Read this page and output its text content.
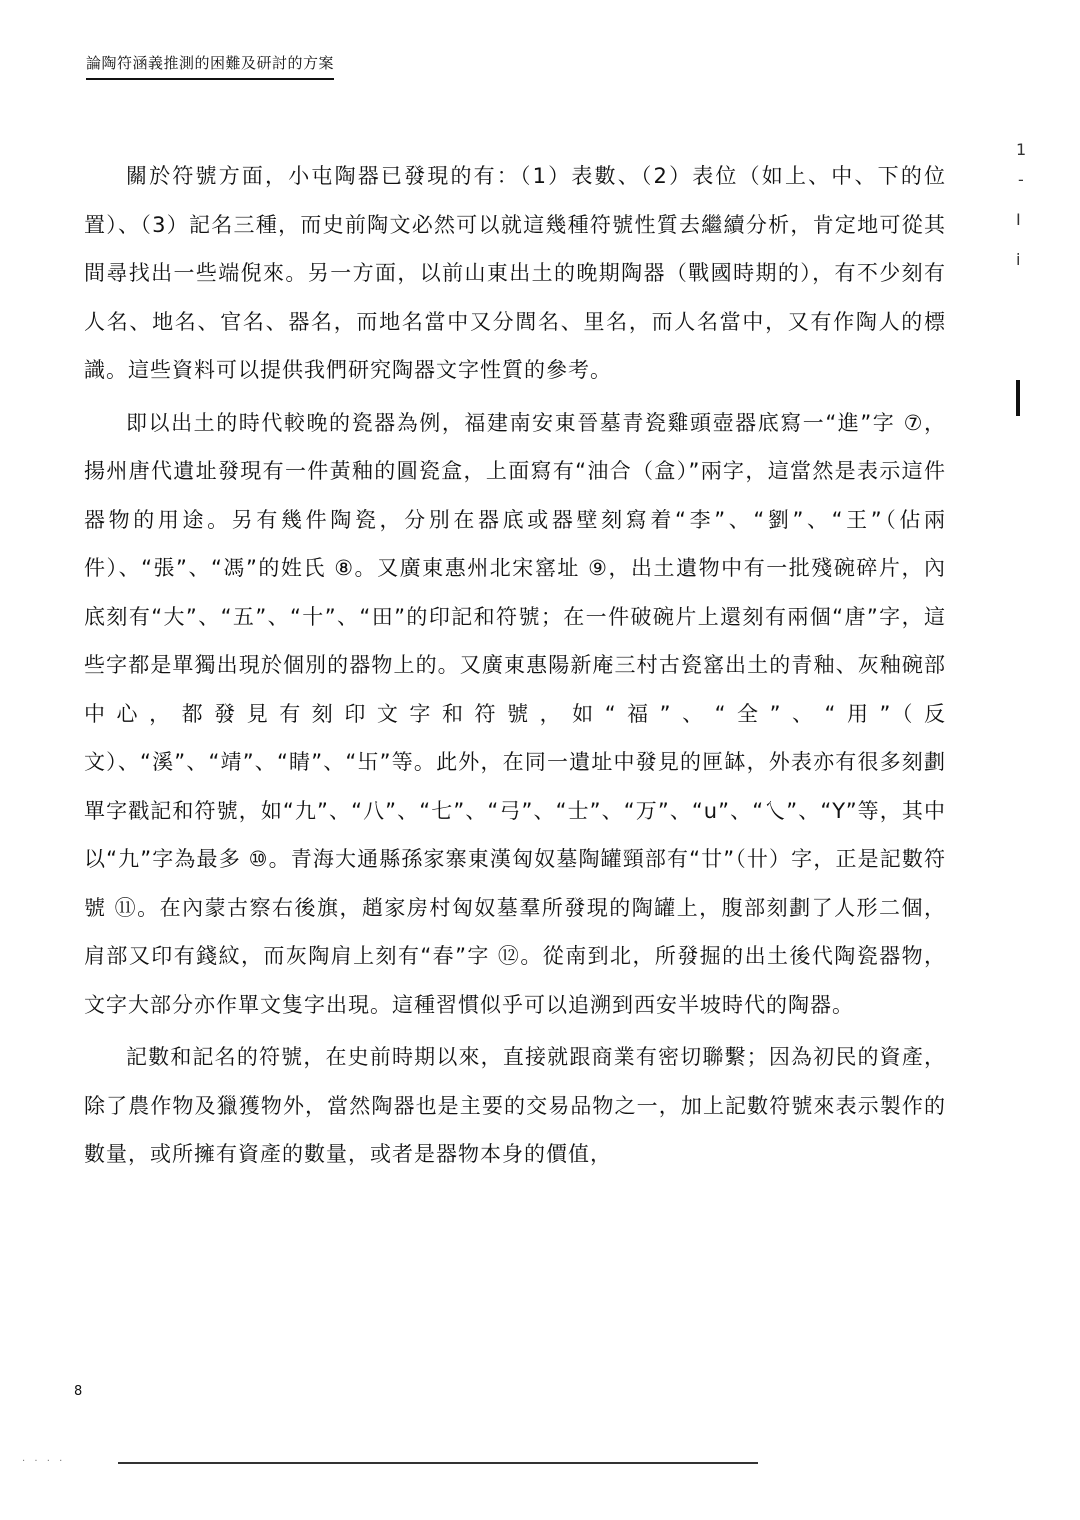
論陶符涵義推測的困難及研討的方案

關於符號方面，小屯陶器已發現的有：（1）表數、（2）表位（如上、中、下的位置）、（3）記名三種，而史前陶文必然可以就這幾種符號性質去繼續分析，肯定地可從其間尋找出一些端倪來。另一方面，以前山東出土的晚期陶器（戰國時期的），有不少刻有人名、地名、官名、器名，而地名當中又分閭名、里名，而人名當中，又有作陶人的標識。這些資料可以提供我們研究陶器文字性質的參考。

即以出土的時代較晚的瓷器為例，福建南安東晉墓青瓷雞頭壺器底寫一“進”字 ⑦，揚州唐代遺址發現有一件黃釉的圓瓷盒，上面寫有“油合（盒）”兩字，這當然是表示這件器物的用途。另有幾件陶瓷，分別在器底或器壁刻寫着“李”、“劉”、“王”（佔兩件）、“張”、“馮”的姓氏 ⑧。又廣東惠州北宋窰址 ⑨，出土遺物中有一批殘碗碎片，內底刻有“大”、“五”、“十”、“田”的印記和符號；在一件破碗片上還刻有兩個“唐”字，這些字都是單獨出現於個別的器物上的。又廣東惠陽新庵三村古瓷窰出土的青釉、灰釉碗部中心，都發見有刻印文字和符號，如“福”、“全”、“用”（反文）、“溪”、“靖”、“睛”、“卐”等。此外，在同一遺址中發見的匣缽，外表亦有很多刻劃單字戳記和符號，如“九”、“八”、“七”、“弓”、“士”、“万”、“u”、“乀”、“Y”等，其中以“九”字為最多 ⑩。青海大通縣孫家寨東漢匈奴墓陶罐頸部有“廿”（卄）字，正是記數符號 ⑪。在內蒙古察右後旗，趙家房村匈奴墓羣所發現的陶罐上，腹部刻劃了人形二個，肩部又印有錢紋，而灰陶肩上刻有“春”字 ⑫。從南到北，所發掘的出土後代陶瓷器物，文字大部分亦作單文隻字出現。這種習慣似乎可以追溯到西安半坡時代的陶器。

記數和記名的符號，在史前時期以來，直接就跟商業有密切聯繫；因為初民的資產，除了農作物及獵獲物外，當然陶器也是主要的交易品物之一，加上記數符號來表示製作的數量，或所擁有資產的數量，或者是器物本身的價值，

8
1
-
I
i
· · · ·
